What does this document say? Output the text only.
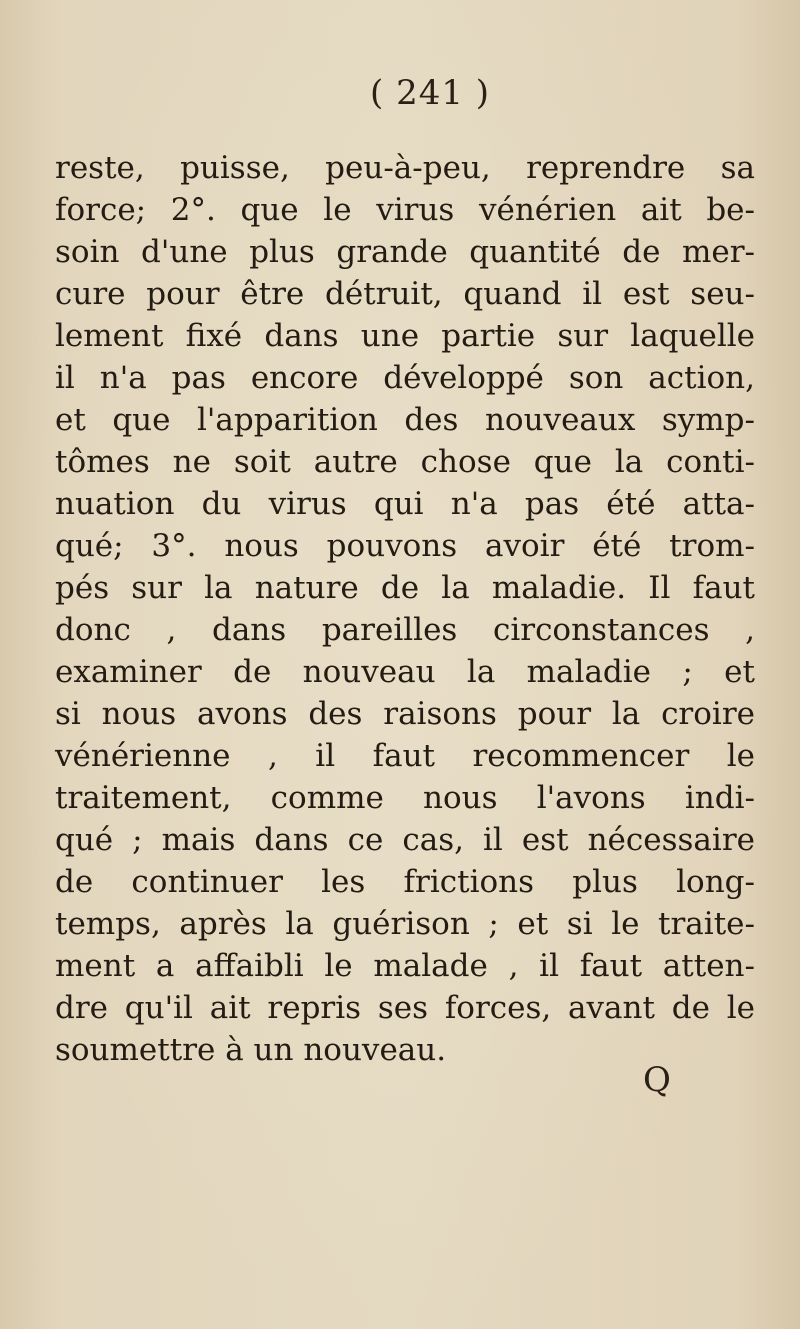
( 241 )
reste, puisse, peu-à-peu, reprendre sa
force; 2°. que le virus vénérien ait be-
soin d'une plus grande quantité de mer-
cure pour être détruit, quand il est seu-
lement fixé dans une partie sur laquelle
il n'a pas encore développé son action,
et que l'apparition des nouveaux symp-
tômes ne soit autre chose que la conti-
nuation du virus qui n'a pas été atta-
qué; 3°. nous pouvons avoir été trom-
pés sur la nature de la maladie. Il faut
donc , dans pareilles circonstances ,
examiner de nouveau la maladie ; et
si nous avons des raisons pour la croire
vénérienne , il faut recommencer le
traitement, comme nous l'avons indi-
qué ; mais dans ce cas, il est nécessaire
de continuer les frictions plus long-
temps, après la guérison ; et si le traite-
ment a affaibli le malade , il faut atten-
dre qu'il ait repris ses forces, avant de le
soumettre à un nouveau.
Q
